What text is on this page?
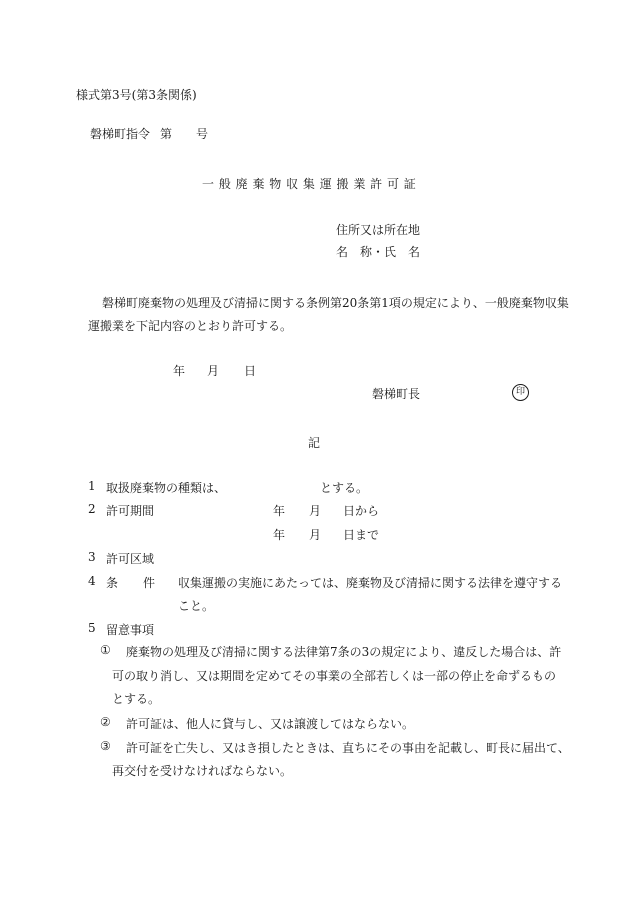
様式第3号(第3条関係)
磐梯町指令 第 号
一 般 廃 棄 物 収 集 運 搬 業 許 可 証
住所又は所在地
名　称・氏　名
磐梯町廃棄物の処理及び清掃に関する条例第20条第1項の規定により、一般廃棄物収集
運搬業を下記内容のとおり許可する。
年 月 日
磐梯町長	印
記
1 取扱廃棄物の種類は、	とする。
2 許可期間	年 月 日から
年 月 日まで
3 許可区域
4 条 件 収集運搬の実施にあたっては、廃棄物及び清掃に関する法律を遵守する
こと。
5 留意事項
① 廃棄物の処理及び清掃に関する法律第7条の3の規定により、違反した場合は、許
可の取り消し、又は期間を定めてその事業の全部若しくは一部の停止を命ずるもの
とする。
② 許可証は、他人に貸与し、又は譲渡してはならない。
③ 許可証を亡失し、又はき損したときは、直ちにその事由を記載し、町長に届出て、
再交付を受けなければならない。
